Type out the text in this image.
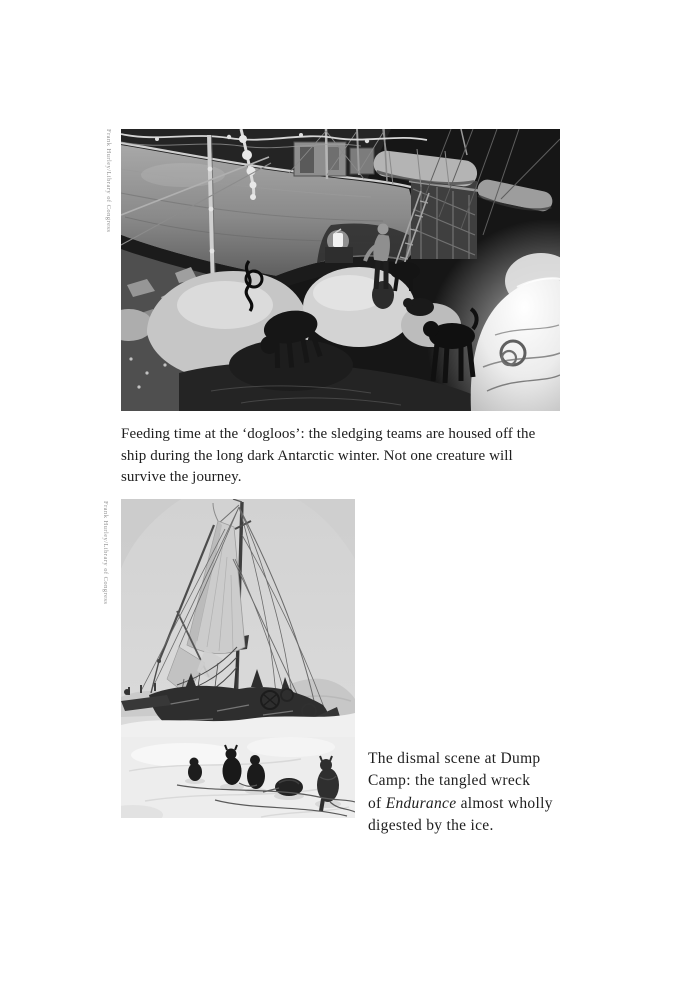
Frank Hurley/Library of Congress
Feeding time at the ‘dogloos’: the sledging teams are housed off the
ship during the long dark Antarctic winter. Not one creature will
survive the journey.
Frank Hurley/Library of Congress
The dismal scene at Dump
Camp: the tangled wreck
of Endurance almost wholly
digested by the ice.
